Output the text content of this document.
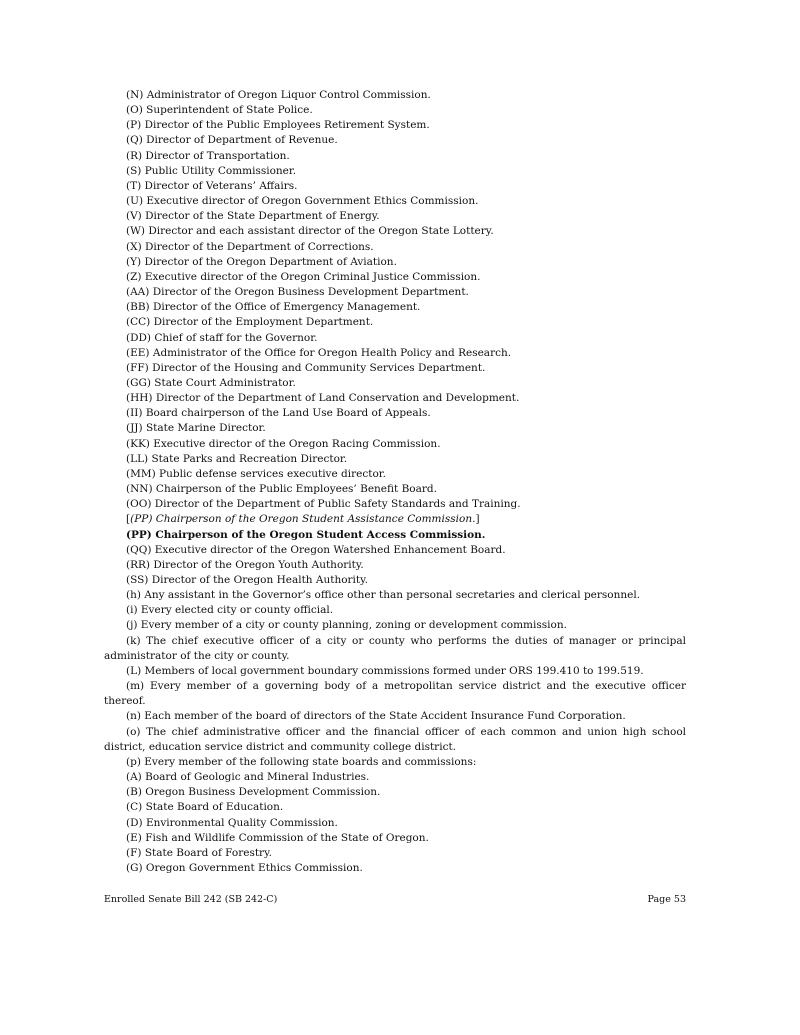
(N) Administrator of Oregon Liquor Control Commission.
(O) Superintendent of State Police.
(P) Director of the Public Employees Retirement System.
(Q) Director of Department of Revenue.
(R) Director of Transportation.
(S) Public Utility Commissioner.
(T) Director of Veterans’ Affairs.
(U) Executive director of Oregon Government Ethics Commission.
(V) Director of the State Department of Energy.
(W) Director and each assistant director of the Oregon State Lottery.
(X) Director of the Department of Corrections.
(Y) Director of the Oregon Department of Aviation.
(Z) Executive director of the Oregon Criminal Justice Commission.
(AA) Director of the Oregon Business Development Department.
(BB) Director of the Office of Emergency Management.
(CC) Director of the Employment Department.
(DD) Chief of staff for the Governor.
(EE) Administrator of the Office for Oregon Health Policy and Research.
(FF) Director of the Housing and Community Services Department.
(GG) State Court Administrator.
(HH) Director of the Department of Land Conservation and Development.
(II) Board chairperson of the Land Use Board of Appeals.
(JJ) State Marine Director.
(KK) Executive director of the Oregon Racing Commission.
(LL) State Parks and Recreation Director.
(MM) Public defense services executive director.
(NN) Chairperson of the Public Employees’ Benefit Board.
(OO) Director of the Department of Public Safety Standards and Training.
[(PP) Chairperson of the Oregon Student Assistance Commission.]
(PP) Chairperson of the Oregon Student Access Commission.
(QQ) Executive director of the Oregon Watershed Enhancement Board.
(RR) Director of the Oregon Youth Authority.
(SS) Director of the Oregon Health Authority.
(h) Any assistant in the Governor’s office other than personal secretaries and clerical personnel.
(i) Every elected city or county official.
(j) Every member of a city or county planning, zoning or development commission.
(k) The chief executive officer of a city or county who performs the duties of manager or principal administrator of the city or county.
(L) Members of local government boundary commissions formed under ORS 199.410 to 199.519.
(m) Every member of a governing body of a metropolitan service district and the executive officer thereof.
(n) Each member of the board of directors of the State Accident Insurance Fund Corporation.
(o) The chief administrative officer and the financial officer of each common and union high school district, education service district and community college district.
(p) Every member of the following state boards and commissions:
(A) Board of Geologic and Mineral Industries.
(B) Oregon Business Development Commission.
(C) State Board of Education.
(D) Environmental Quality Commission.
(E) Fish and Wildlife Commission of the State of Oregon.
(F) State Board of Forestry.
(G) Oregon Government Ethics Commission.
Enrolled Senate Bill 242 (SB 242-C)	Page 53
